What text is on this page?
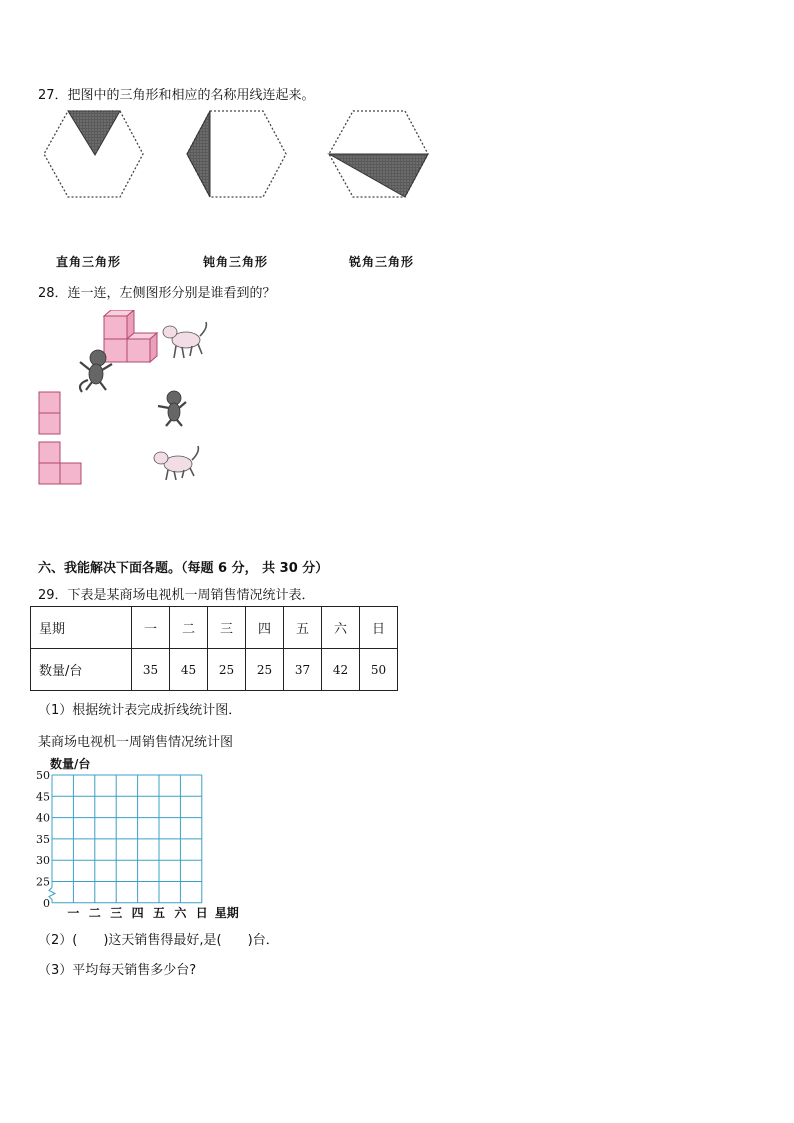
27．把图中的三角形和相应的名称用线连起来。
直角三角形	钝角三角形	锐角三角形
28．连一连，左侧图形分别是谁看到的？
六、我能解决下面各题。（每题 6 分， 共 30 分）
29．下表是某商场电视机一周销售情况统计表．
星期	一	二	三	四	五	六	日
数量/台	35	45	25	25	37	42	50
（1）根据统计表完成折线统计图．
某商场电视机一周销售情况统计图
数量/台
50
45
40
35
30
25
0
一 二 三 四 五 六 日 星期
（2）(　　)这天销售得最好,是(　　)台．
（3）平均每天销售多少台?
